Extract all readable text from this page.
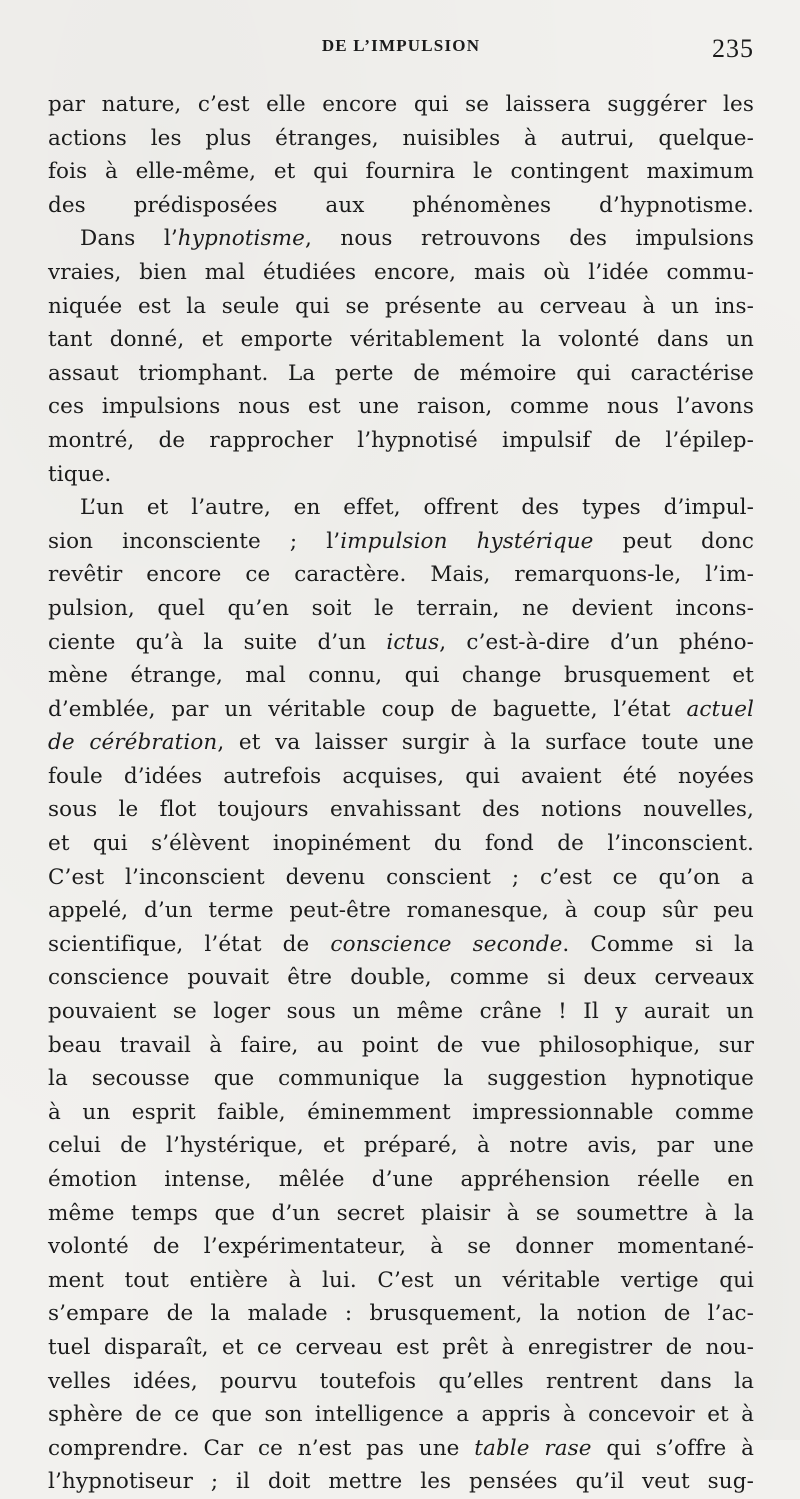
DE L’IMPULSION	235
par nature, c’est elle encore qui se laissera suggérer les
actions les plus étranges, nuisibles à autrui, quelque-
fois à elle-même, et qui fournira le contingent maximum
des prédisposées aux phénomènes d’hypnotisme.
Dans l’hypnotisme, nous retrouvons des impulsions
vraies, bien mal étudiées encore, mais où l’idée commu-
niquée est la seule qui se présente au cerveau à un ins-
tant donné, et emporte véritablement la volonté dans un
assaut triomphant. La perte de mémoire qui caractérise
ces impulsions nous est une raison, comme nous l’avons
montré, de rapprocher l’hypnotisé impulsif de l’épilep-
tique.
L’un et l’autre, en effet, offrent des types d’impul-
sion inconsciente ; l’impulsion hystérique peut donc
revêtir encore ce caractère. Mais, remarquons-le, l’im-
pulsion, quel qu’en soit le terrain, ne devient incons-
ciente qu’à la suite d’un ictus, c’est-à-dire d’un phéno-
mène étrange, mal connu, qui change brusquement et
d’emblée, par un véritable coup de baguette, l’état actuel
de cérébration, et va laisser surgir à la surface toute une
foule d’idées autrefois acquises, qui avaient été noyées
sous le flot toujours envahissant des notions nouvelles,
et qui s’élèvent inopinément du fond de l’inconscient.
C’est l’inconscient devenu conscient ; c’est ce qu’on a
appelé, d’un terme peut-être romanesque, à coup sûr peu
scientifique, l’état de conscience seconde. Comme si la
conscience pouvait être double, comme si deux cerveaux
pouvaient se loger sous un même crâne ! Il y aurait un
beau travail à faire, au point de vue philosophique, sur
la secousse que communique la suggestion hypnotique
à un esprit faible, éminemment impressionnable comme
celui de l’hystérique, et préparé, à notre avis, par une
émotion intense, mêlée d’une appréhension réelle en
même temps que d’un secret plaisir à se soumettre à la
volonté de l’expérimentateur, à se donner momentané-
ment tout entière à lui. C’est un véritable vertige qui
s’empare de la malade : brusquement, la notion de l’ac-
tuel disparaît, et ce cerveau est prêt à enregistrer de nou-
velles idées, pourvu toutefois qu’elles rentrent dans la
sphère de ce que son intelligence a appris à concevoir et à
comprendre. Car ce n’est pas une table rase qui s’offre à
l’hypnotiseur ; il doit mettre les pensées qu’il veut sug-
